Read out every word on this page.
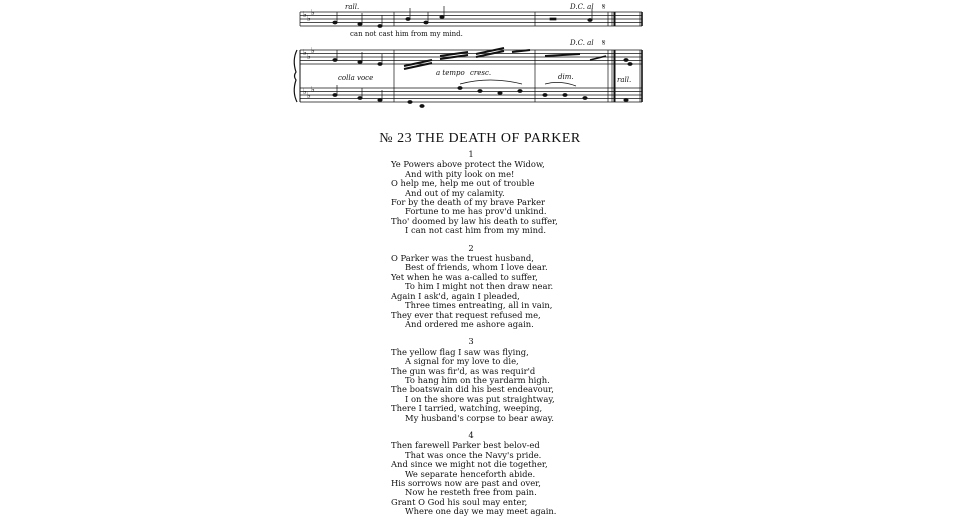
♭ ♭
♭
♭ ♭
♭
♭ ♭
♭
rall.	D.C. al 𝄋
D.C. al 𝄋
colla voce
a tempo cresc.	dim.	rall.
can not cast him from my mind.
№ 23 THE DEATH OF PARKER
1
Ye Powers above protect the Widow,
And with pity look on me!
O help me, help me out of trouble
And out of my calamity.
For by the death of my brave Parker
Fortune to me has prov'd unkind.
Tho' doomed by law his death to suffer,
I can not cast him from my mind.
2
O Parker was the truest husband,
Best of friends, whom I love dear.
Yet when he was a-called to suffer,
To him I might not then draw near.
Again I ask'd, again I pleaded,
Three times entreating, all in vain,
They ever that request refused me,
And ordered me ashore again.
3
The yellow flag I saw was flying,
A signal for my love to die,
The gun was fir'd, as was requir'd
To hang him on the yardarm high.
The boatswain did his best endeavour,
I on the shore was put straightway,
There I tarried, watching, weeping,
My husband's corpse to bear away.
4
Then farewell Parker best belov-ed
That was once the Navy's pride.
And since we might not die together,
We separate henceforth abide.
His sorrows now are past and over,
Now he resteth free from pain.
Grant O God his soul may enter,
Where one day we may meet again.
